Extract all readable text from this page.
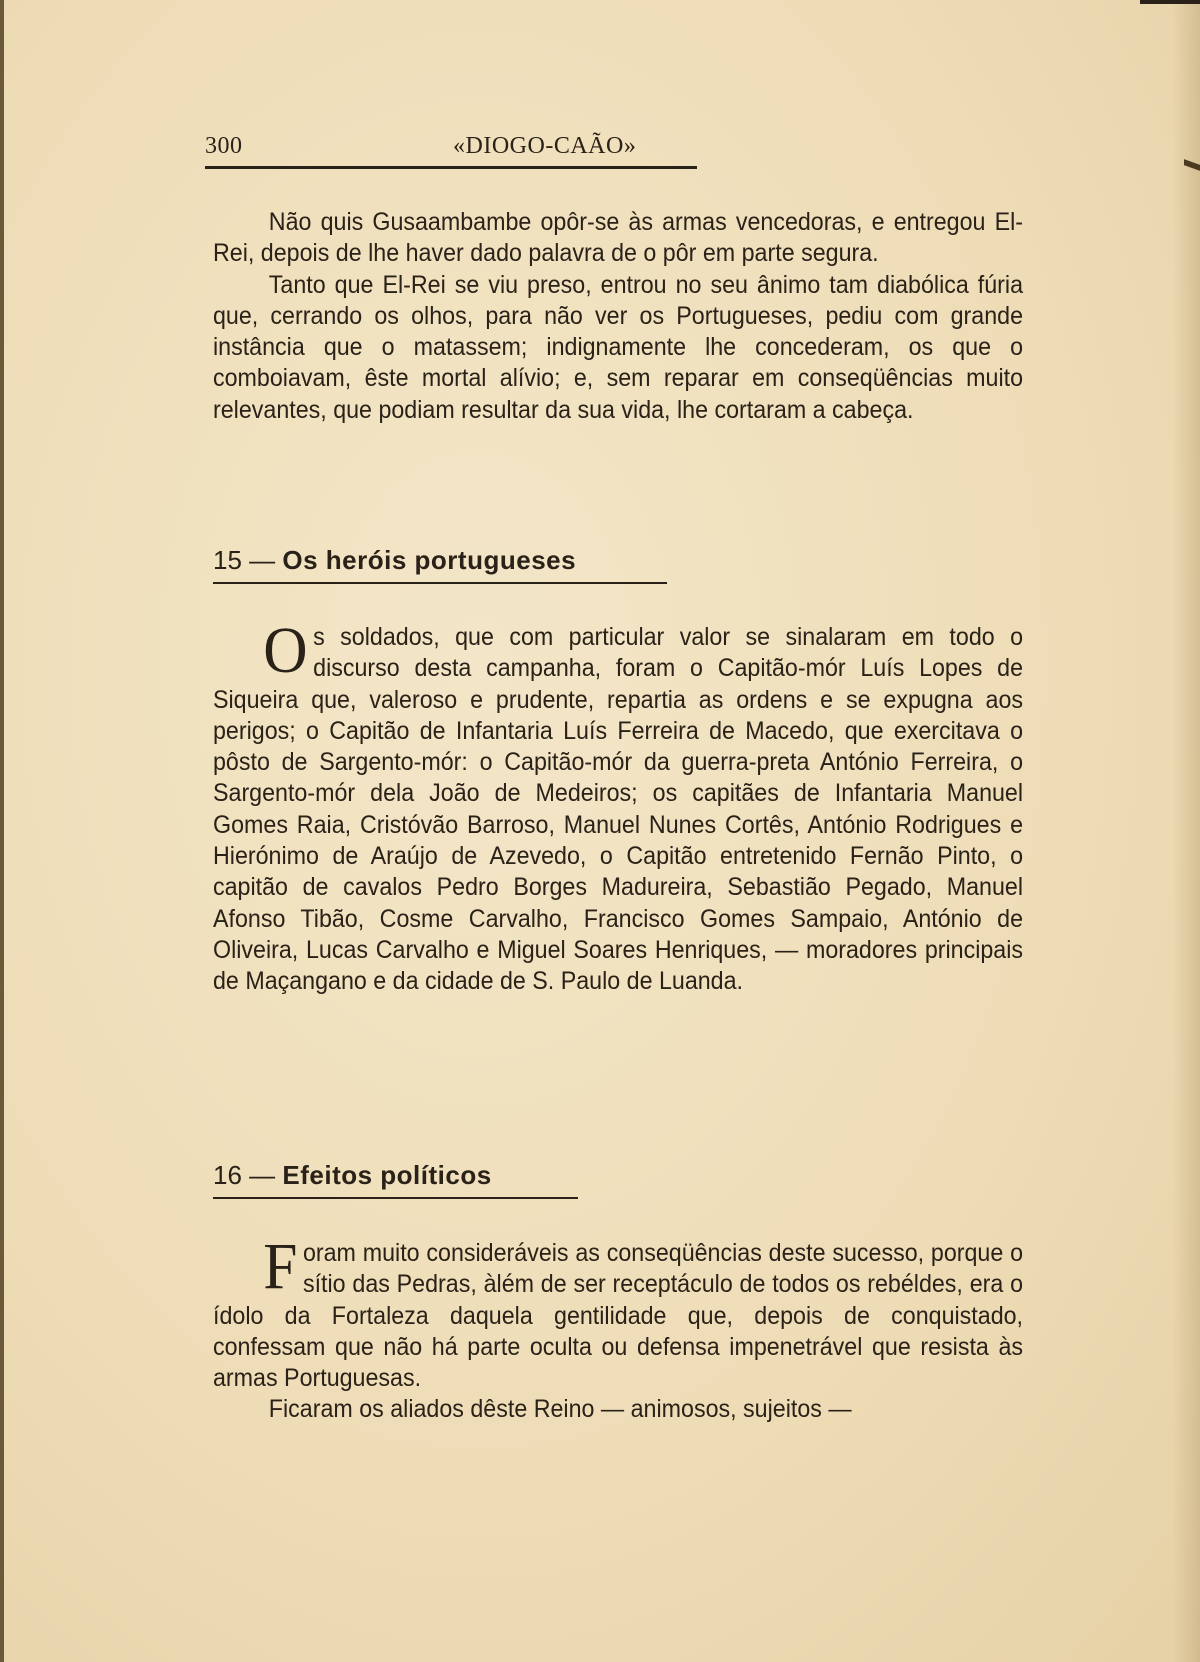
300	«DIOGO-CAÃO»

Não quis Gusaambambe opôr-se às armas vencedoras, e entregou El-Rei, depois de lhe haver dado palavra de o pôr em parte segura.

Tanto que El-Rei se viu preso, entrou no seu ânimo tam diabólica fúria que, cerrando os olhos, para não ver os Portugueses, pediu com grande instância que o matassem; indignamente lhe concederam, os que o comboiavam, êste mortal alívio; e, sem reparar em conseqüências muito relevantes, que podiam resultar da sua vida, lhe cortaram a cabeça.

15 — Os heróis portugueses
O s soldados, que com particular valor se sinalaram em todo o discurso desta campanha, foram o Capitão-mór Luís Lopes de Siqueira que, valeroso e prudente, repartia as ordens e se expugna aos perigos; o Capitão de Infantaria Luís Ferreira de Macedo, que exercitava o pôsto de Sargento-mór: o Capitão-mór da guerra-preta António Ferreira, o Sargento-mór dela João de Medeiros; os capitães de Infantaria Manuel Gomes Raia, Cristóvão Barroso, Manuel Nunes Cortês, António Rodrigues e Hierónimo de Araújo de Azevedo, o Capitão entretenido Fernão Pinto, o capitão de cavalos Pedro Borges Madureira, Sebastião Pegado, Manuel Afonso Tibão, Cosme Carvalho, Francisco Gomes Sampaio, António de Oliveira, Lucas Carvalho e Miguel Soares Henriques, — moradores principais de Maçangano e da cidade de S. Paulo de Luanda.

16 — Efeitos políticos
F oram muito consideráveis as conseqüências deste sucesso, porque o sítio das Pedras, àlém de ser receptáculo de todos os rebéldes, era o ídolo da Fortaleza daquela gentilidade que, depois de conquistado, confessam que não há parte oculta ou defensa impenetrável que resista às armas Portuguesas.

Ficaram os aliados dêste Reino — animosos, sujeitos —
